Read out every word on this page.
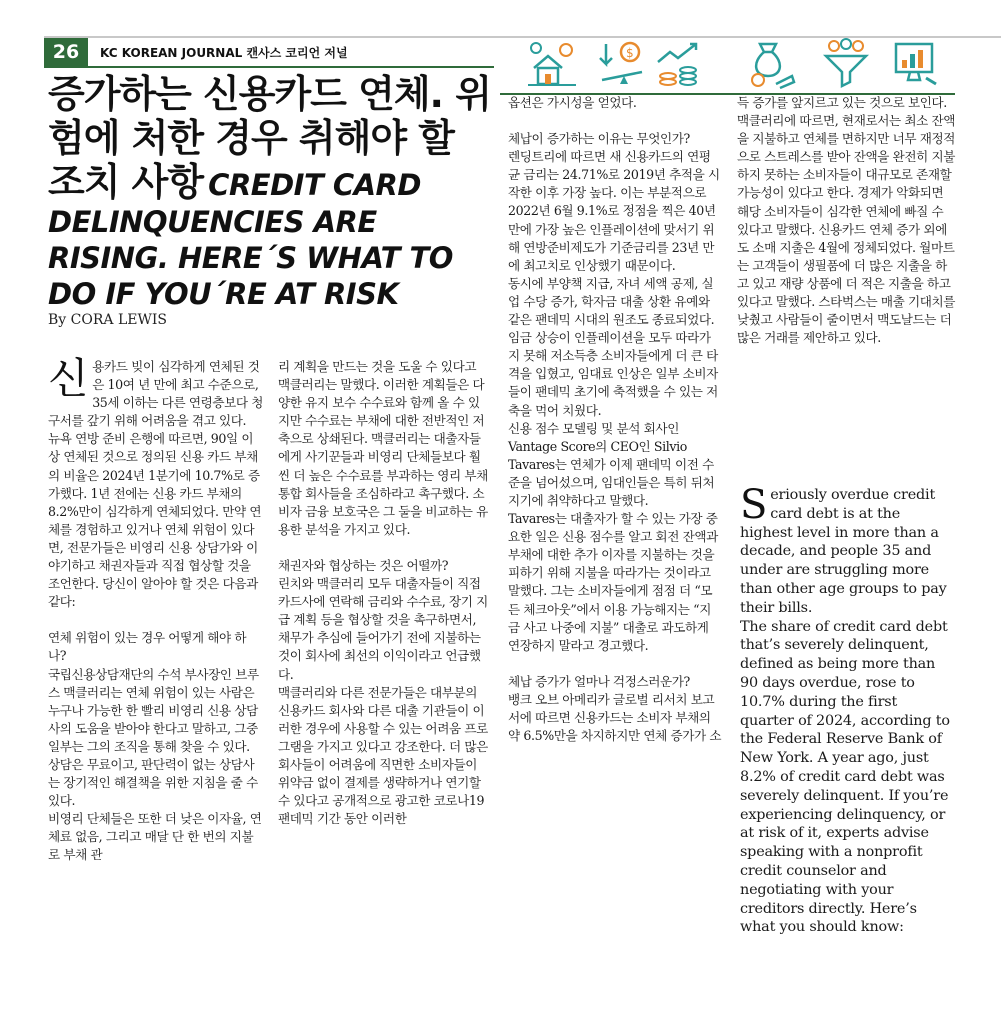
26	KC KOREAN JOURNAL 캔사스 코리언 저널	$
증가하는 신용카드 연체. 위험에 처한 경우 취해야 할 조치 사항 CREDIT CARD DELINQUENCIES ARE RISING. HERE´S WHAT TO DO IF YOU´RE AT RISK
By CORA LEWIS
신 용카드 빚이 심각하게 연체된 것은 10여 년 만에 최고 수준으로, 35세 이하는 다른 연령층보다 청구서를 갚기 위해 어려움을 겪고 있다.

뉴욕 연방 준비 은행에 따르면, 90일 이상 연체된 것으로 정의된 신용 카드 부채의 비율은 2024년 1분기에 10.7%로 증가했다. 1년 전에는 신용 카드 부채의 8.2%만이 심각하게 연체되었다. 만약 연체를 경험하고 있거나 연체 위험이 있다면, 전문가들은 비영리 신용 상담가와 이야기하고 채권자들과 직접 협상할 것을 조언한다. 당신이 알아야 할 것은 다음과 같다:

연체 위험이 있는 경우 어떻게 해야 하나?

국립신용상담재단의 수석 부사장인 브루스 맥클러리는 연체 위험이 있는 사람은 누구나 가능한 한 빨리 비영리 신용 상담사의 도움을 받아야 한다고 말하고, 그중 일부는 그의 조직을 통해 찾을 수 있다. 상담은 무료이고, 판단력이 없는 상담사는 장기적인 해결책을 위한 지침을 줄 수 있다.

비영리 단체들은 또한 더 낮은 이자율, 연체료 없음, 그리고 매달 단 한 번의 지불로 부채 관

리 계획을 만드는 것을 도울 수 있다고 맥클러리는 말했다. 이러한 계획들은 다양한 유지 보수 수수료와 함께 올 수 있지만 수수료는 부채에 대한 전반적인 저축으로 상쇄된다. 맥클러리는 대출자들에게 사기꾼들과 비영리 단체들보다 훨씬 더 높은 수수료를 부과하는 영리 부채 통합 회사들을 조심하라고 촉구했다. 소비자 금융 보호국은 그 둘을 비교하는 유용한 분석을 가지고 있다.

채권자와 협상하는 것은 어떨까?

린치와 맥클러리 모두 대출자들이 직접 카드사에 연락해 금리와 수수료, 장기 지급 계획 등을 협상할 것을 촉구하면서, 채무가 추심에 들어가기 전에 지불하는 것이 회사에 최선의 이익이라고 언급했다.

맥클러리와 다른 전문가들은 대부분의 신용카드 회사와 다른 대출 기관들이 이러한 경우에 사용할 수 있는 어려움 프로그램을 가지고 있다고 강조한다. 더 많은 회사들이 어려움에 직면한 소비자들이 위약금 없이 결제를 생략하거나 연기할 수 있다고 공개적으로 광고한 코로나19 팬데믹 기간 동안 이러한

옵션은 가시성을 얻었다.

체납이 증가하는 이유는 무엇인가?

렌딩트리에 따르면 새 신용카드의 연평균 금리는 24.71%로 2019년 추적을 시작한 이후 가장 높다. 이는 부분적으로 2022년 6월 9.1%로 정점을 찍은 40년 만에 가장 높은 인플레이션에 맞서기 위해 연방준비제도가 기준금리를 23년 만에 최고치로 인상했기 때문이다.

동시에 부양책 지급, 자녀 세액 공제, 실업 수당 증가, 학자금 대출 상환 유예와 같은 팬데믹 시대의 원조도 종료되었다. 임금 상승이 인플레이션을 모두 따라가지 못해 저소득층 소비자들에게 더 큰 타격을 입혔고, 임대료 인상은 일부 소비자들이 팬데믹 초기에 축적했을 수 있는 저축을 먹어 치웠다.

신용 점수 모델링 및 분석 회사인 Vantage Score의 CEO인 Silvio Tavares는 연체가 이제 팬데믹 이전 수준을 넘어섰으며, 임대인들은 특히 뒤처지기에 취약하다고 말했다.

Tavares는 대출자가 할 수 있는 가장 중요한 일은 신용 점수를 알고 회전 잔액과 부채에 대한 추가 이자를 지불하는 것을 피하기 위해 지불을 따라가는 것이라고 말했다. 그는 소비자들에게 점점 더 “모든 체크아웃”에서 이용 가능해지는 “지금 사고 나중에 지불” 대출로 과도하게 연장하지 말라고 경고했다.

체납 증가가 얼마나 걱정스러운가?

뱅크 오브 아메리카 글로벌 리서치 보고서에 따르면 신용카드는 소비자 부채의 약 6.5%만을 차지하지만 연체 증가가 소

득 증가를 앞지르고 있는 것으로 보인다. 맥클러리에 따르면, 현재로서는 최소 잔액을 지불하고 연체를 면하지만 너무 재정적으로 스트레스를 받아 잔액을 완전히 지불하지 못하는 소비자들이 대규모로 존재할 가능성이 있다고 한다. 경제가 악화되면 해당 소비자들이 심각한 연체에 빠질 수 있다고 말했다. 신용카드 연체 증가 외에도 소매 지출은 4월에 정체되었다. 월마트는 고객들이 생필품에 더 많은 지출을 하고 있고 재량 상품에 더 적은 지출을 하고 있다고 말했다. 스타벅스는 매출 기대치를 낮췄고 사람들이 줄이면서 맥도날드는 더 많은 거래를 제안하고 있다.

S eriously overdue credit card debt is at the highest level in more than a decade, and people 35 and under are struggling more than other age groups to pay their bills.

The share of credit card debt that’s severely delinquent, defined as being more than 90 days overdue, rose to 10.7% during the first quarter of 2024, according to the Federal Reserve Bank of New York. A year ago, just 8.2% of credit card debt was severely delinquent. If you’re experiencing delinquency, or at risk of it, experts advise speaking with a nonprofit credit counselor and negotiating with your creditors directly. Here’s what you should know:
